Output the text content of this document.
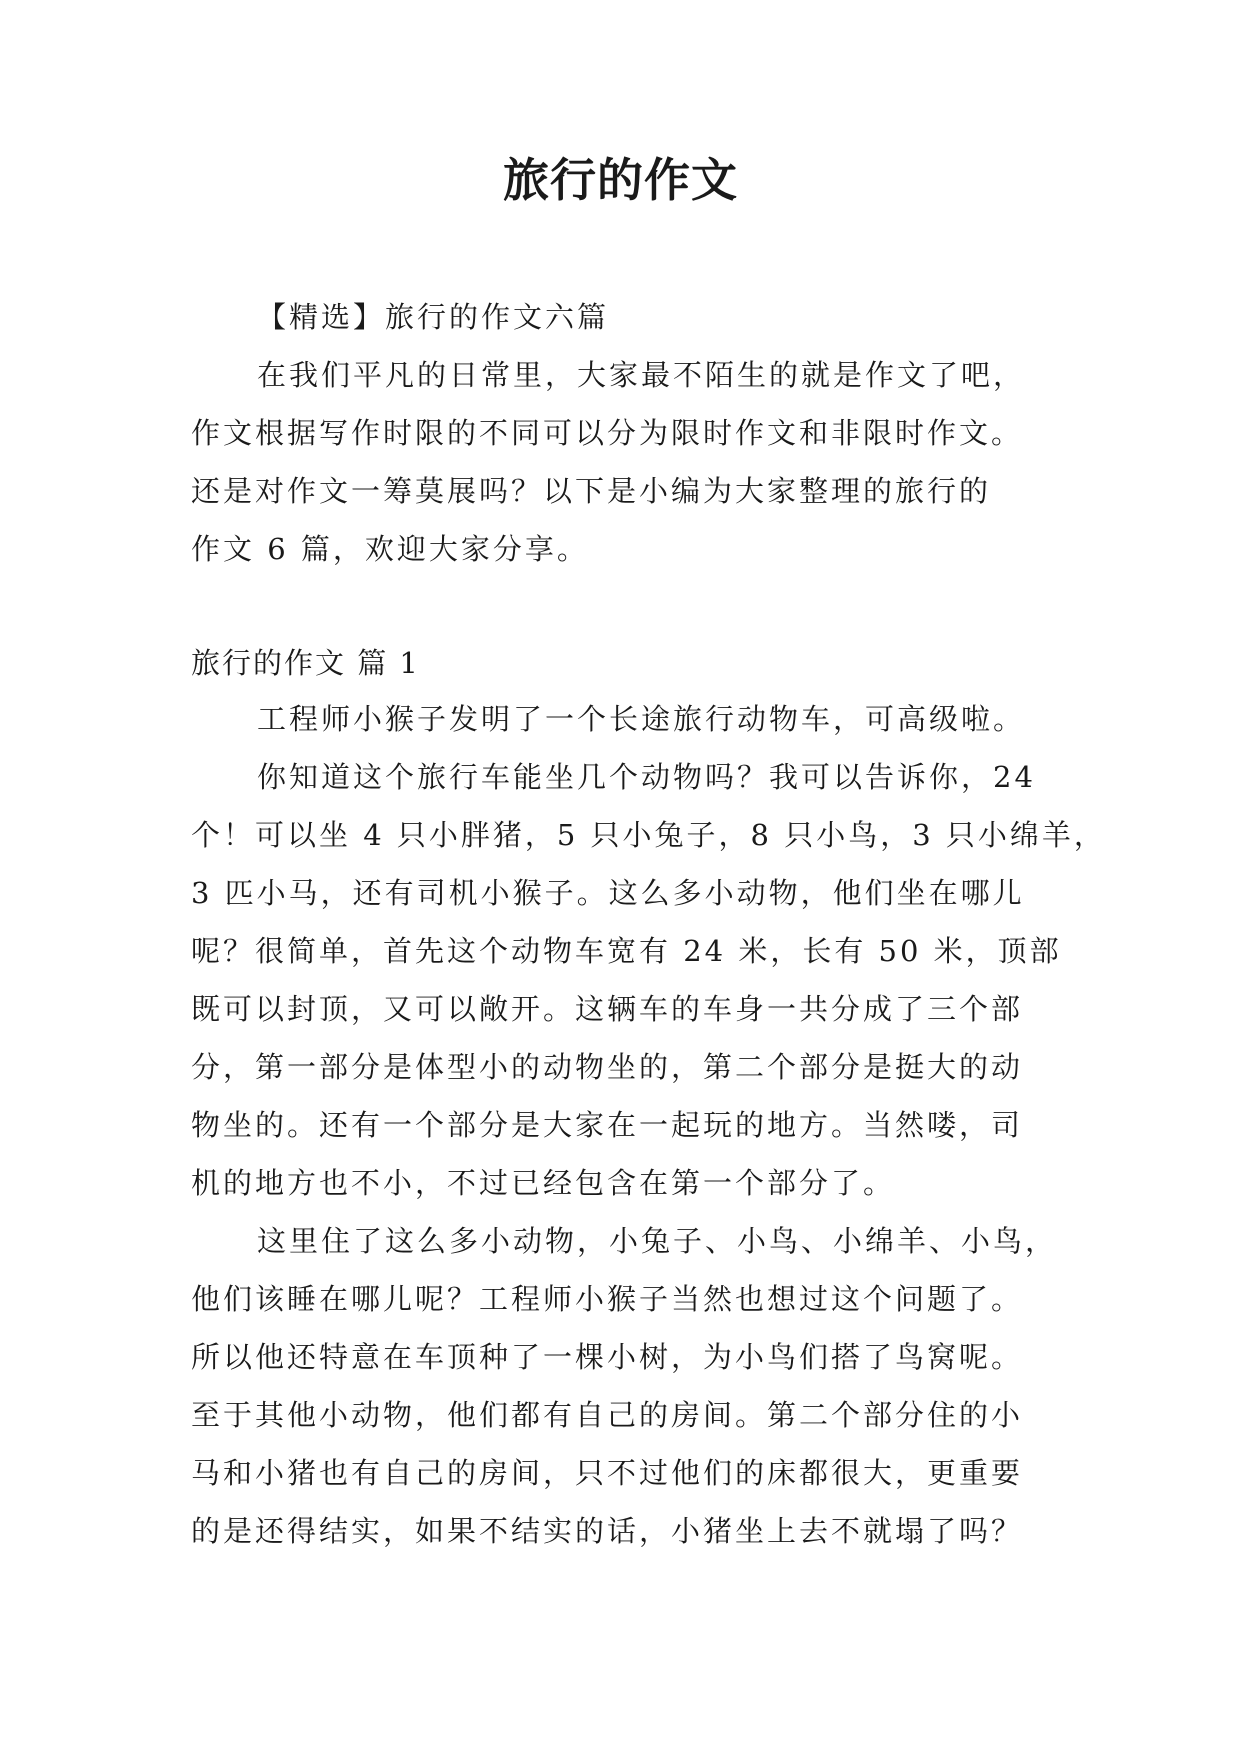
旅行的作文
【精选】旅行的作文六篇
在我们平凡的日常里，大家最不陌生的就是作文了吧，
作文根据写作时限的不同可以分为限时作文和非限时作文。
还是对作文一筹莫展吗？以下是小编为大家整理的旅行的
作文 6 篇，欢迎大家分享。
旅行的作文 篇 1
工程师小猴子发明了一个长途旅行动物车，可高级啦。
你知道这个旅行车能坐几个动物吗？我可以告诉你，24
个！可以坐 4 只小胖猪，5 只小兔子，8 只小鸟，3 只小绵羊，
3 匹小马，还有司机小猴子。这么多小动物，他们坐在哪儿
呢？很简单，首先这个动物车宽有 24 米，长有 50 米，顶部
既可以封顶，又可以敞开。这辆车的车身一共分成了三个部
分，第一部分是体型小的动物坐的，第二个部分是挺大的动
物坐的。还有一个部分是大家在一起玩的地方。当然喽，司
机的地方也不小，不过已经包含在第一个部分了。
这里住了这么多小动物，小兔子、小鸟、小绵羊、小鸟，
他们该睡在哪儿呢？工程师小猴子当然也想过这个问题了。
所以他还特意在车顶种了一棵小树，为小鸟们搭了鸟窝呢。
至于其他小动物，他们都有自己的房间。第二个部分住的小
马和小猪也有自己的房间，只不过他们的床都很大，更重要
的是还得结实，如果不结实的话，小猪坐上去不就塌了吗？
